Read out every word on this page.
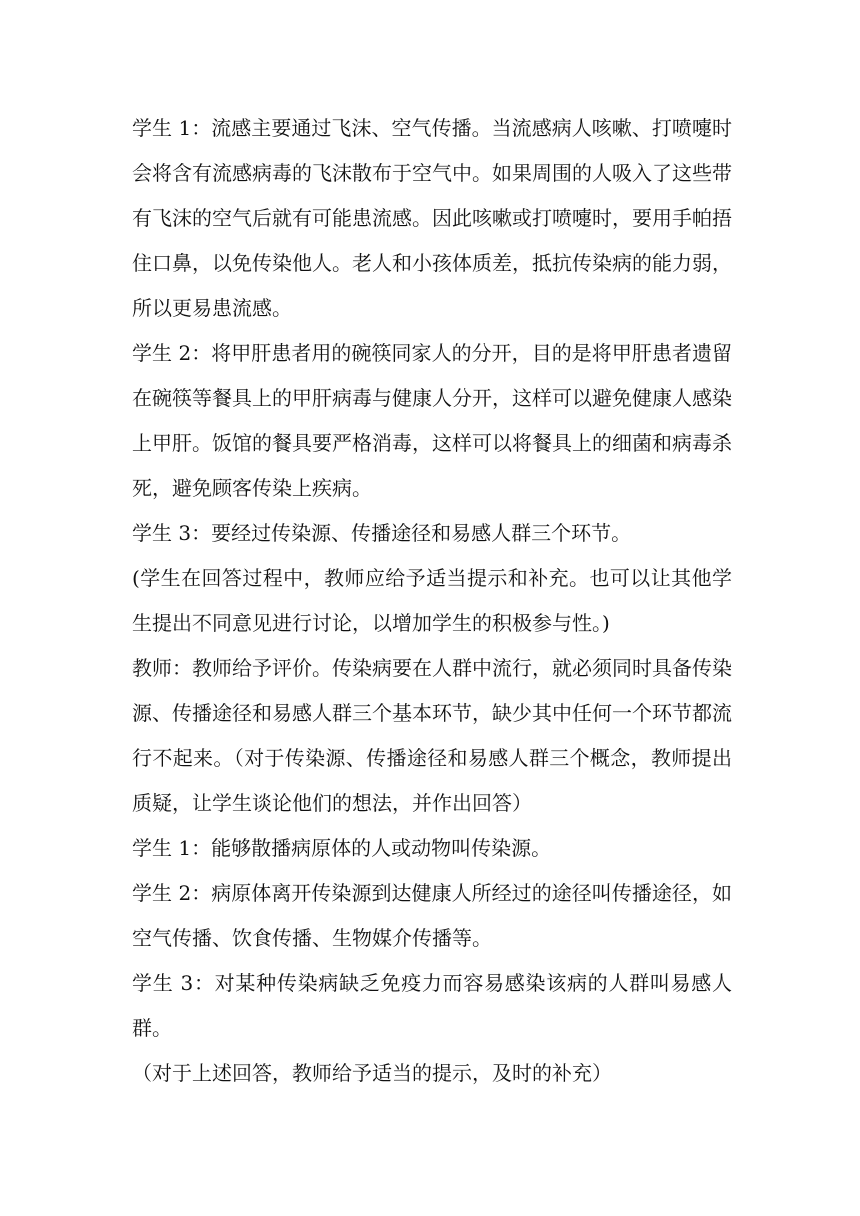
学生 1：流感主要通过飞沫、空气传播。当流感病人咳嗽、打喷嚏时会将含有流感病毒的飞沫散布于空气中。如果周围的人吸入了这些带有飞沫的空气后就有可能患流感。因此咳嗽或打喷嚏时，要用手帕捂住口鼻，以免传染他人。老人和小孩体质差，抵抗传染病的能力弱，所以更易患流感。

学生 2：将甲肝患者用的碗筷同家人的分开，目的是将甲肝患者遗留在碗筷等餐具上的甲肝病毒与健康人分开，这样可以避免健康人感染上甲肝。饭馆的餐具要严格消毒，这样可以将餐具上的细菌和病毒杀死，避免顾客传染上疾病。

学生 3：要经过传染源、传播途径和易感人群三个环节。

(学生在回答过程中，教师应给予适当提示和补充。也可以让其他学生提出不同意见进行讨论，以增加学生的积极参与性。)

教师：教师给予评价。传染病要在人群中流行，就必须同时具备传染源、传播途径和易感人群三个基本环节，缺少其中任何一个环节都流行不起来。（对于传染源、传播途径和易感人群三个概念，教师提出质疑，让学生谈论他们的想法，并作出回答）

学生 1：能够散播病原体的人或动物叫传染源。

学生 2：病原体离开传染源到达健康人所经过的途径叫传播途径，如空气传播、饮食传播、生物媒介传播等。

学生 3：对某种传染病缺乏免疫力而容易感染该病的人群叫易感人群。

（对于上述回答，教师给予适当的提示，及时的补充）
